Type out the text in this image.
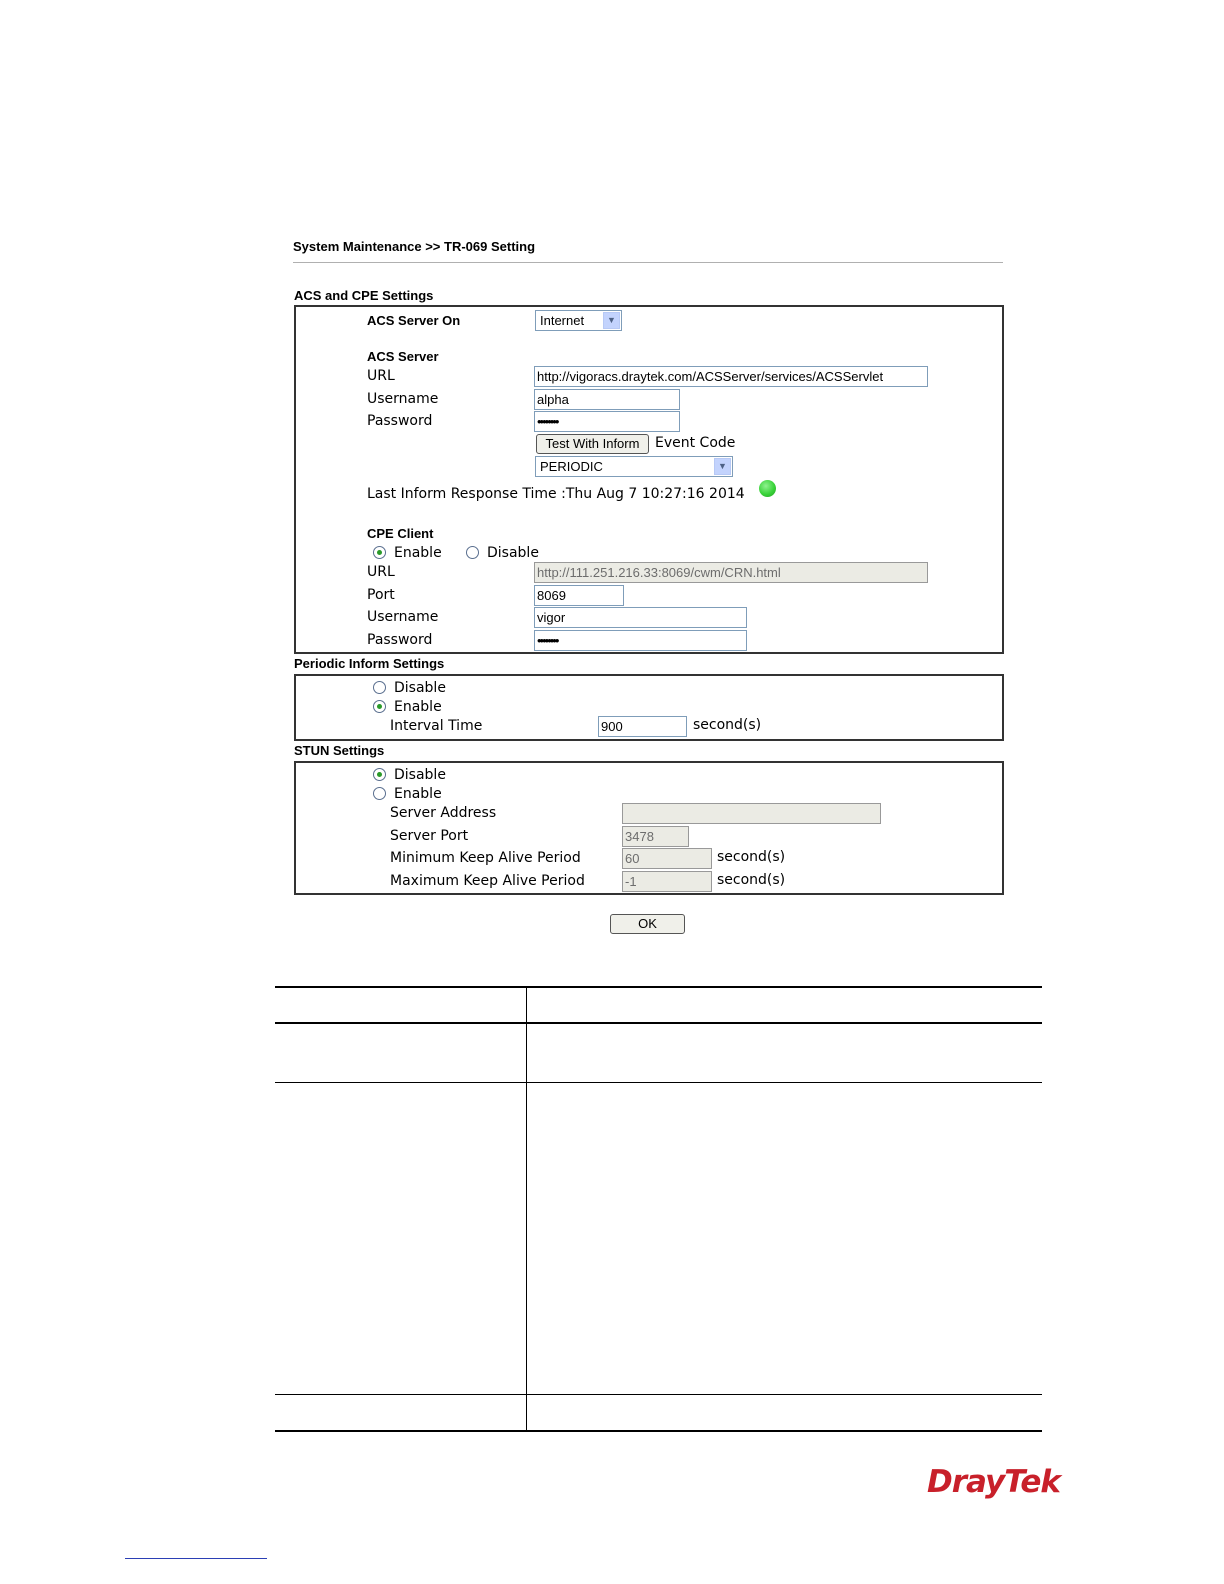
System Maintenance >> TR-069 Setting
ACS and CPE Settings
ACS Server On	Internet	▼
ACS Server
URL	http://vigoracs.draytek.com/ACSServer/services/ACSServlet
Username	alpha
Password	••••••••
Test With Inform	Event Code
PERIODIC	▼
Last Inform Response Time :Thu Aug 7 10:27:16 2014
CPE Client
Enable	Disable
URL	http://111.251.216.33:8069/cwm/CRN.html
Port	8069
Username	vigor
Password	••••••••
Periodic Inform Settings
Disable
Enable
Interval Time	900	second(s)
STUN Settings
Disable
Enable
Server Address
Server Port	3478
Minimum Keep Alive Period	60	second(s)
Maximum Keep Alive Period	-1	second(s)
OK
DrayTek
